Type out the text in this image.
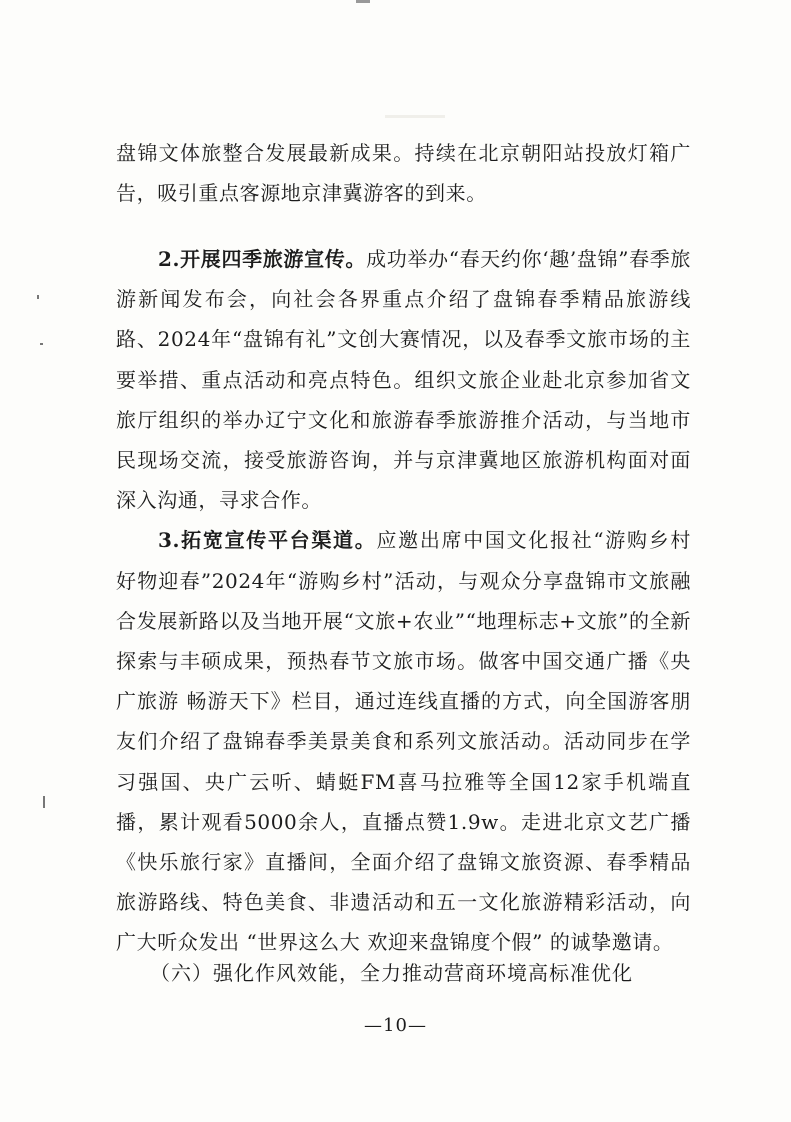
盘锦文体旅整合发展最新成果。持续在北京朝阳站投放灯箱广告，吸引重点客源地京津冀游客的到来。
2.开展四季旅游宣传。成功举办“春天约你‘趣’盘锦”春季旅游新闻发布会，向社会各界重点介绍了盘锦春季精品旅游线路、2024年“盘锦有礼”文创大赛情况，以及春季文旅市场的主要举措、重点活动和亮点特色。组织文旅企业赴北京参加省文旅厅组织的举办辽宁文化和旅游春季旅游推介活动，与当地市民现场交流，接受旅游咨询，并与京津冀地区旅游机构面对面深入沟通，寻求合作。
3.拓宽宣传平台渠道。应邀出席中国文化报社“游购乡村 好物迎春”2024年“游购乡村”活动，与观众分享盘锦市文旅融合发展新路以及当地开展“文旅+农业”“地理标志+文旅”的全新探索与丰硕成果，预热春节文旅市场。做客中国交通广播《央广旅游 畅游天下》栏目，通过连线直播的方式，向全国游客朋友们介绍了盘锦春季美景美食和系列文旅活动。活动同步在学习强国、央广云听、蜻蜓FM喜马拉雅等全国12家手机端直播，累计观看5000余人，直播点赞1.9w。走进北京文艺广播《快乐旅行家》直播间，全面介绍了盘锦文旅资源、春季精品旅游路线、特色美食、非遗活动和五一文化旅游精彩活动，向广大听众发出 “世界这么大 欢迎来盘锦度个假” 的诚挚邀请。
（六）强化作风效能，全力推动营商环境高标准优化
—10—
